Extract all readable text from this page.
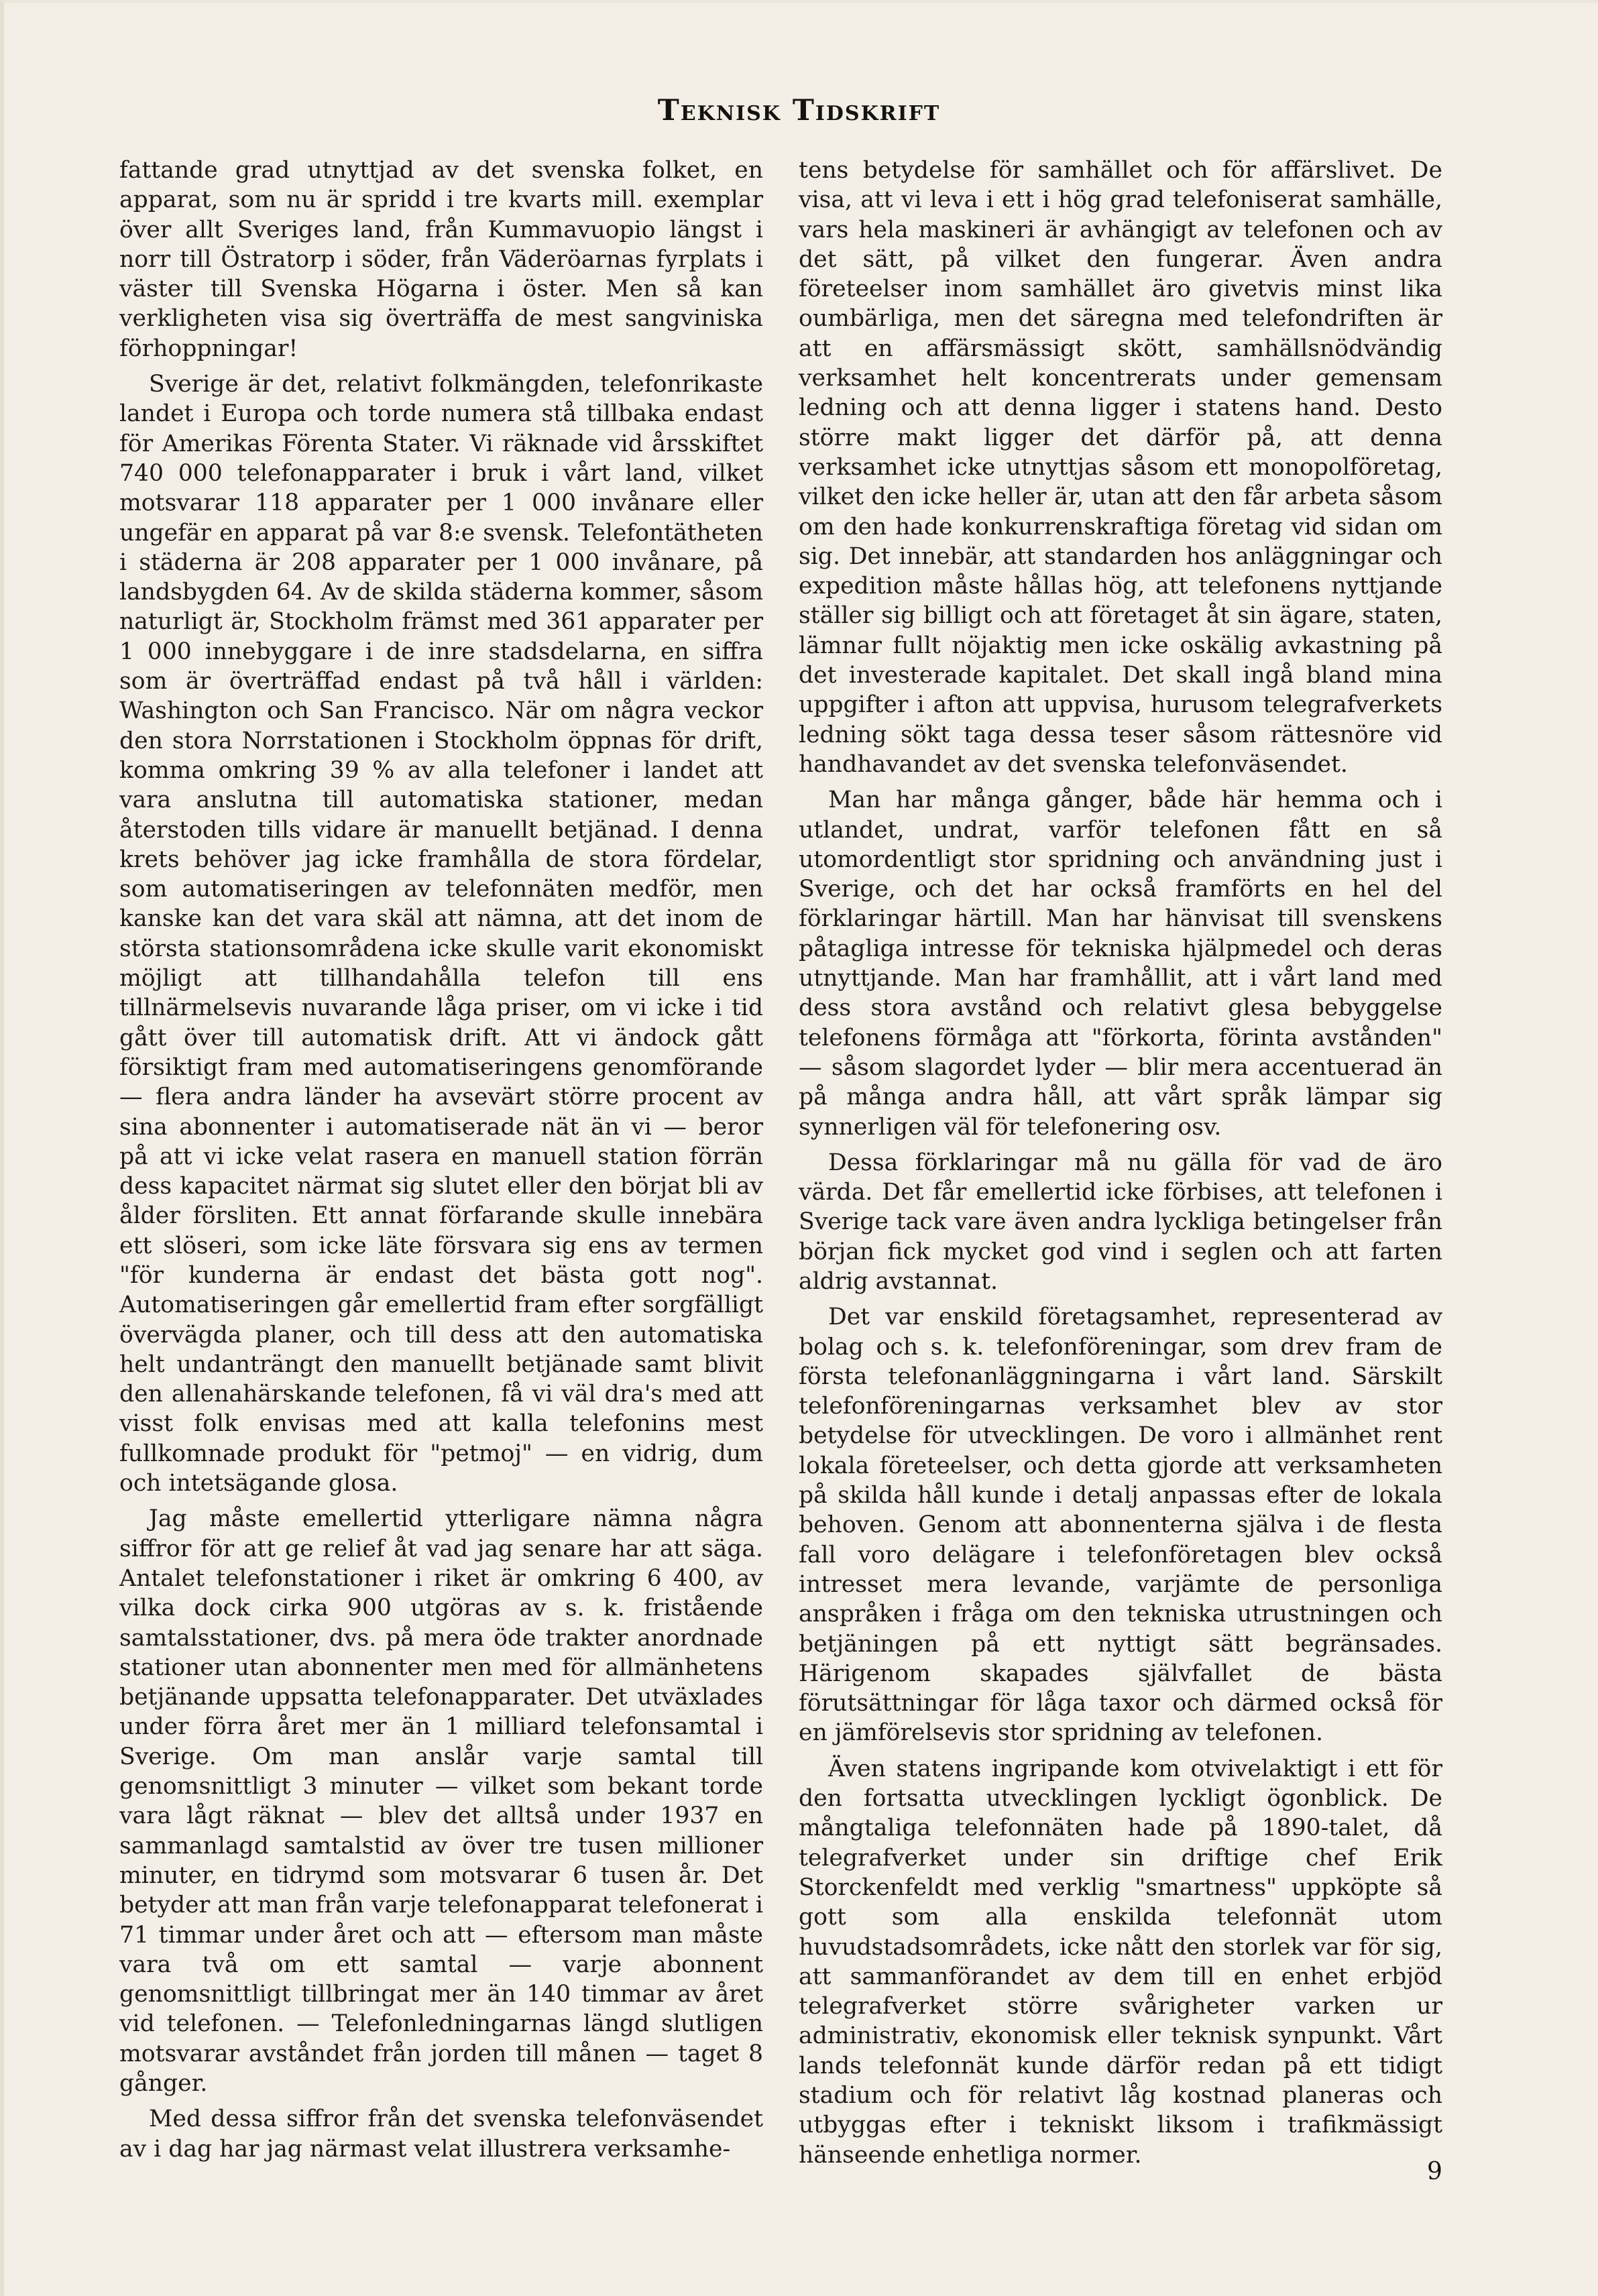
Teknisk Tidskrift

fattande grad utnyttjad av det svenska folket, en apparat, som nu är spridd i tre kvarts mill. exemplar över allt Sveriges land, från Kummavuopio längst i norr till Östratorp i söder, från Väderöarnas fyrplats i väster till Svenska Högarna i öster. Men så kan verkligheten visa sig överträffa de mest sangviniska förhoppningar!

Sverige är det, relativt folkmängden, telefonrikaste landet i Europa och torde numera stå tillbaka endast för Amerikas Förenta Stater. Vi räknade vid årsskiftet 740 000 telefonapparater i bruk i vårt land, vilket motsvarar 118 apparater per 1 000 invånare eller ungefär en apparat på var 8:e svensk. Telefontätheten i städerna är 208 apparater per 1 000 invånare, på landsbygden 64. Av de skilda städerna kommer, såsom naturligt är, Stockholm främst med 361 apparater per 1 000 innebyggare i de inre stadsdelarna, en siffra som är överträffad endast på två håll i världen: Washington och San Francisco. När om några veckor den stora Norrstationen i Stockholm öppnas för drift, komma omkring 39 % av alla telefoner i landet att vara anslutna till automatiska stationer, medan återstoden tills vidare är manuellt betjänad. I denna krets behöver jag icke framhålla de stora fördelar, som automatiseringen av telefonnäten medför, men kanske kan det vara skäl att nämna, att det inom de största stationsområdena icke skulle varit ekonomiskt möjligt att tillhandahålla telefon till ens tillnärmelsevis nuvarande låga priser, om vi icke i tid gått över till automatisk drift. Att vi ändock gått försiktigt fram med automatiseringens genomförande — flera andra länder ha avsevärt större procent av sina abonnenter i automatiserade nät än vi — beror på att vi icke velat rasera en manuell station förrän dess kapacitet närmat sig slutet eller den börjat bli av ålder försliten. Ett annat förfarande skulle innebära ett slöseri, som icke läte försvara sig ens av termen "för kunderna är endast det bästa gott nog". Automatiseringen går emellertid fram efter sorgfälligt övervägda planer, och till dess att den automatiska helt undanträngt den manuellt betjänade samt blivit den allenahärskande telefonen, få vi väl dra's med att visst folk envisas med att kalla telefonins mest fullkomnade produkt för "petmoj" — en vidrig, dum och intetsägande glosa.

Jag måste emellertid ytterligare nämna några siffror för att ge relief åt vad jag senare har att säga. Antalet telefonstationer i riket är omkring 6 400, av vilka dock cirka 900 utgöras av s. k. fristående samtalsstationer, dvs. på mera öde trakter anordnade stationer utan abonnenter men med för allmänhetens betjänande uppsatta telefonapparater. Det utväxlades under förra året mer än 1 milliard telefonsamtal i Sverige. Om man anslår varje samtal till genomsnittligt 3 minuter — vilket som bekant torde vara lågt räknat — blev det alltså under 1937 en sammanlagd samtalstid av över tre tusen millioner minuter, en tidrymd som motsvarar 6 tusen år. Det betyder att man från varje telefonapparat telefonerat i 71 timmar under året och att — eftersom man måste vara två om ett samtal — varje abonnent genomsnittligt tillbringat mer än 140 timmar av året vid telefonen. — Telefonledningarnas längd slutligen motsvarar avståndet från jorden till månen — taget 8 gånger.

Med dessa siffror från det svenska telefonväsendet av i dag har jag närmast velat illustrera verksamhe-

tens betydelse för samhället och för affärslivet. De visa, att vi leva i ett i hög grad telefoniserat samhälle, vars hela maskineri är avhängigt av telefonen och av det sätt, på vilket den fungerar. Även andra företeelser inom samhället äro givetvis minst lika oumbärliga, men det säregna med telefondriften är att en affärsmässigt skött, samhällsnödvändig verksamhet helt koncentrerats under gemensam ledning och att denna ligger i statens hand. Desto större makt ligger det därför på, att denna verksamhet icke utnyttjas såsom ett monopolföretag, vilket den icke heller är, utan att den får arbeta såsom om den hade konkurrenskraftiga företag vid sidan om sig. Det innebär, att standarden hos anläggningar och expedition måste hållas hög, att telefonens nyttjande ställer sig billigt och att företaget åt sin ägare, staten, lämnar fullt nöjaktig men icke oskälig avkastning på det investerade kapitalet. Det skall ingå bland mina uppgifter i afton att uppvisa, hurusom telegrafverkets ledning sökt taga dessa teser såsom rättesnöre vid handhavandet av det svenska telefonväsendet.

Man har många gånger, både här hemma och i utlandet, undrat, varför telefonen fått en så utomordentligt stor spridning och användning just i Sverige, och det har också framförts en hel del förklaringar härtill. Man har hänvisat till svenskens påtagliga intresse för tekniska hjälpmedel och deras utnyttjande. Man har framhållit, att i vårt land med dess stora avstånd och relativt glesa bebyggelse telefonens förmåga att "förkorta, förinta avstånden" — såsom slagordet lyder — blir mera accentuerad än på många andra håll, att vårt språk lämpar sig synnerligen väl för telefonering osv.

Dessa förklaringar må nu gälla för vad de äro värda. Det får emellertid icke förbises, att telefonen i Sverige tack vare även andra lyckliga betingelser från början fick mycket god vind i seglen och att farten aldrig avstannat.

Det var enskild företagsamhet, representerad av bolag och s. k. telefonföreningar, som drev fram de första telefonanläggningarna i vårt land. Särskilt telefonföreningarnas verksamhet blev av stor betydelse för utvecklingen. De voro i allmänhet rent lokala företeelser, och detta gjorde att verksamheten på skilda håll kunde i detalj anpassas efter de lokala behoven. Genom att abonnenterna själva i de flesta fall voro delägare i telefonföretagen blev också intresset mera levande, varjämte de personliga anspråken i fråga om den tekniska utrustningen och betjäningen på ett nyttigt sätt begränsades. Härigenom skapades självfallet de bästa förutsättningar för låga taxor och därmed också för en jämförelsevis stor spridning av telefonen.

Även statens ingripande kom otvivelaktigt i ett för den fortsatta utvecklingen lyckligt ögonblick. De mångtaliga telefonnäten hade på 1890-talet, då telegrafverket under sin driftige chef Erik Storckenfeldt med verklig "smartness" uppköpte så gott som alla enskilda telefonnät utom huvudstadsområdets, icke nått den storlek var för sig, att sammanförandet av dem till en enhet erbjöd telegrafverket större svårigheter varken ur administrativ, ekonomisk eller teknisk synpunkt. Vårt lands telefonnät kunde därför redan på ett tidigt stadium och för relativt låg kostnad planeras och utbyggas efter i tekniskt liksom i trafikmässigt hänseende enhetliga normer.

9
